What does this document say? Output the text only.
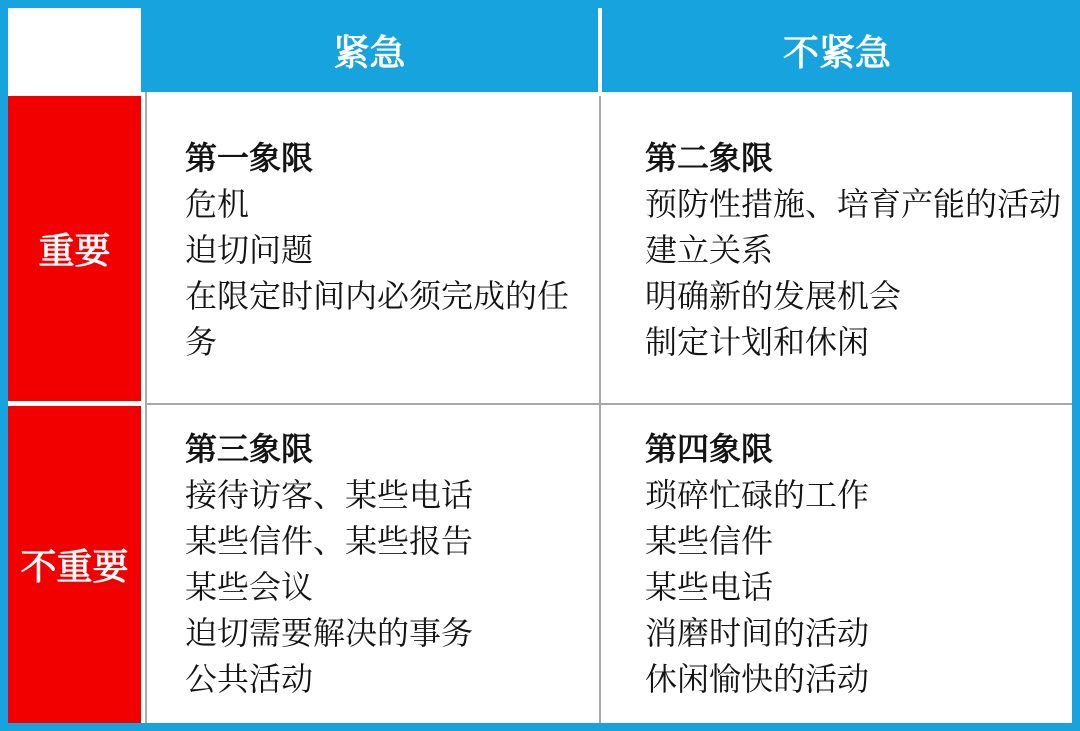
紧急	不紧急
重要
不重要
第一象限
危机
迫切问题
在限定时间内必须完成的任务
第二象限
预防性措施、培育产能的活动
建立关系
明确新的发展机会
制定计划和休闲
第三象限
接待访客、某些电话
某些信件、某些报告
某些会议
迫切需要解决的事务
公共活动
第四象限
琐碎忙碌的工作
某些信件
某些电话
消磨时间的活动
休闲愉快的活动
